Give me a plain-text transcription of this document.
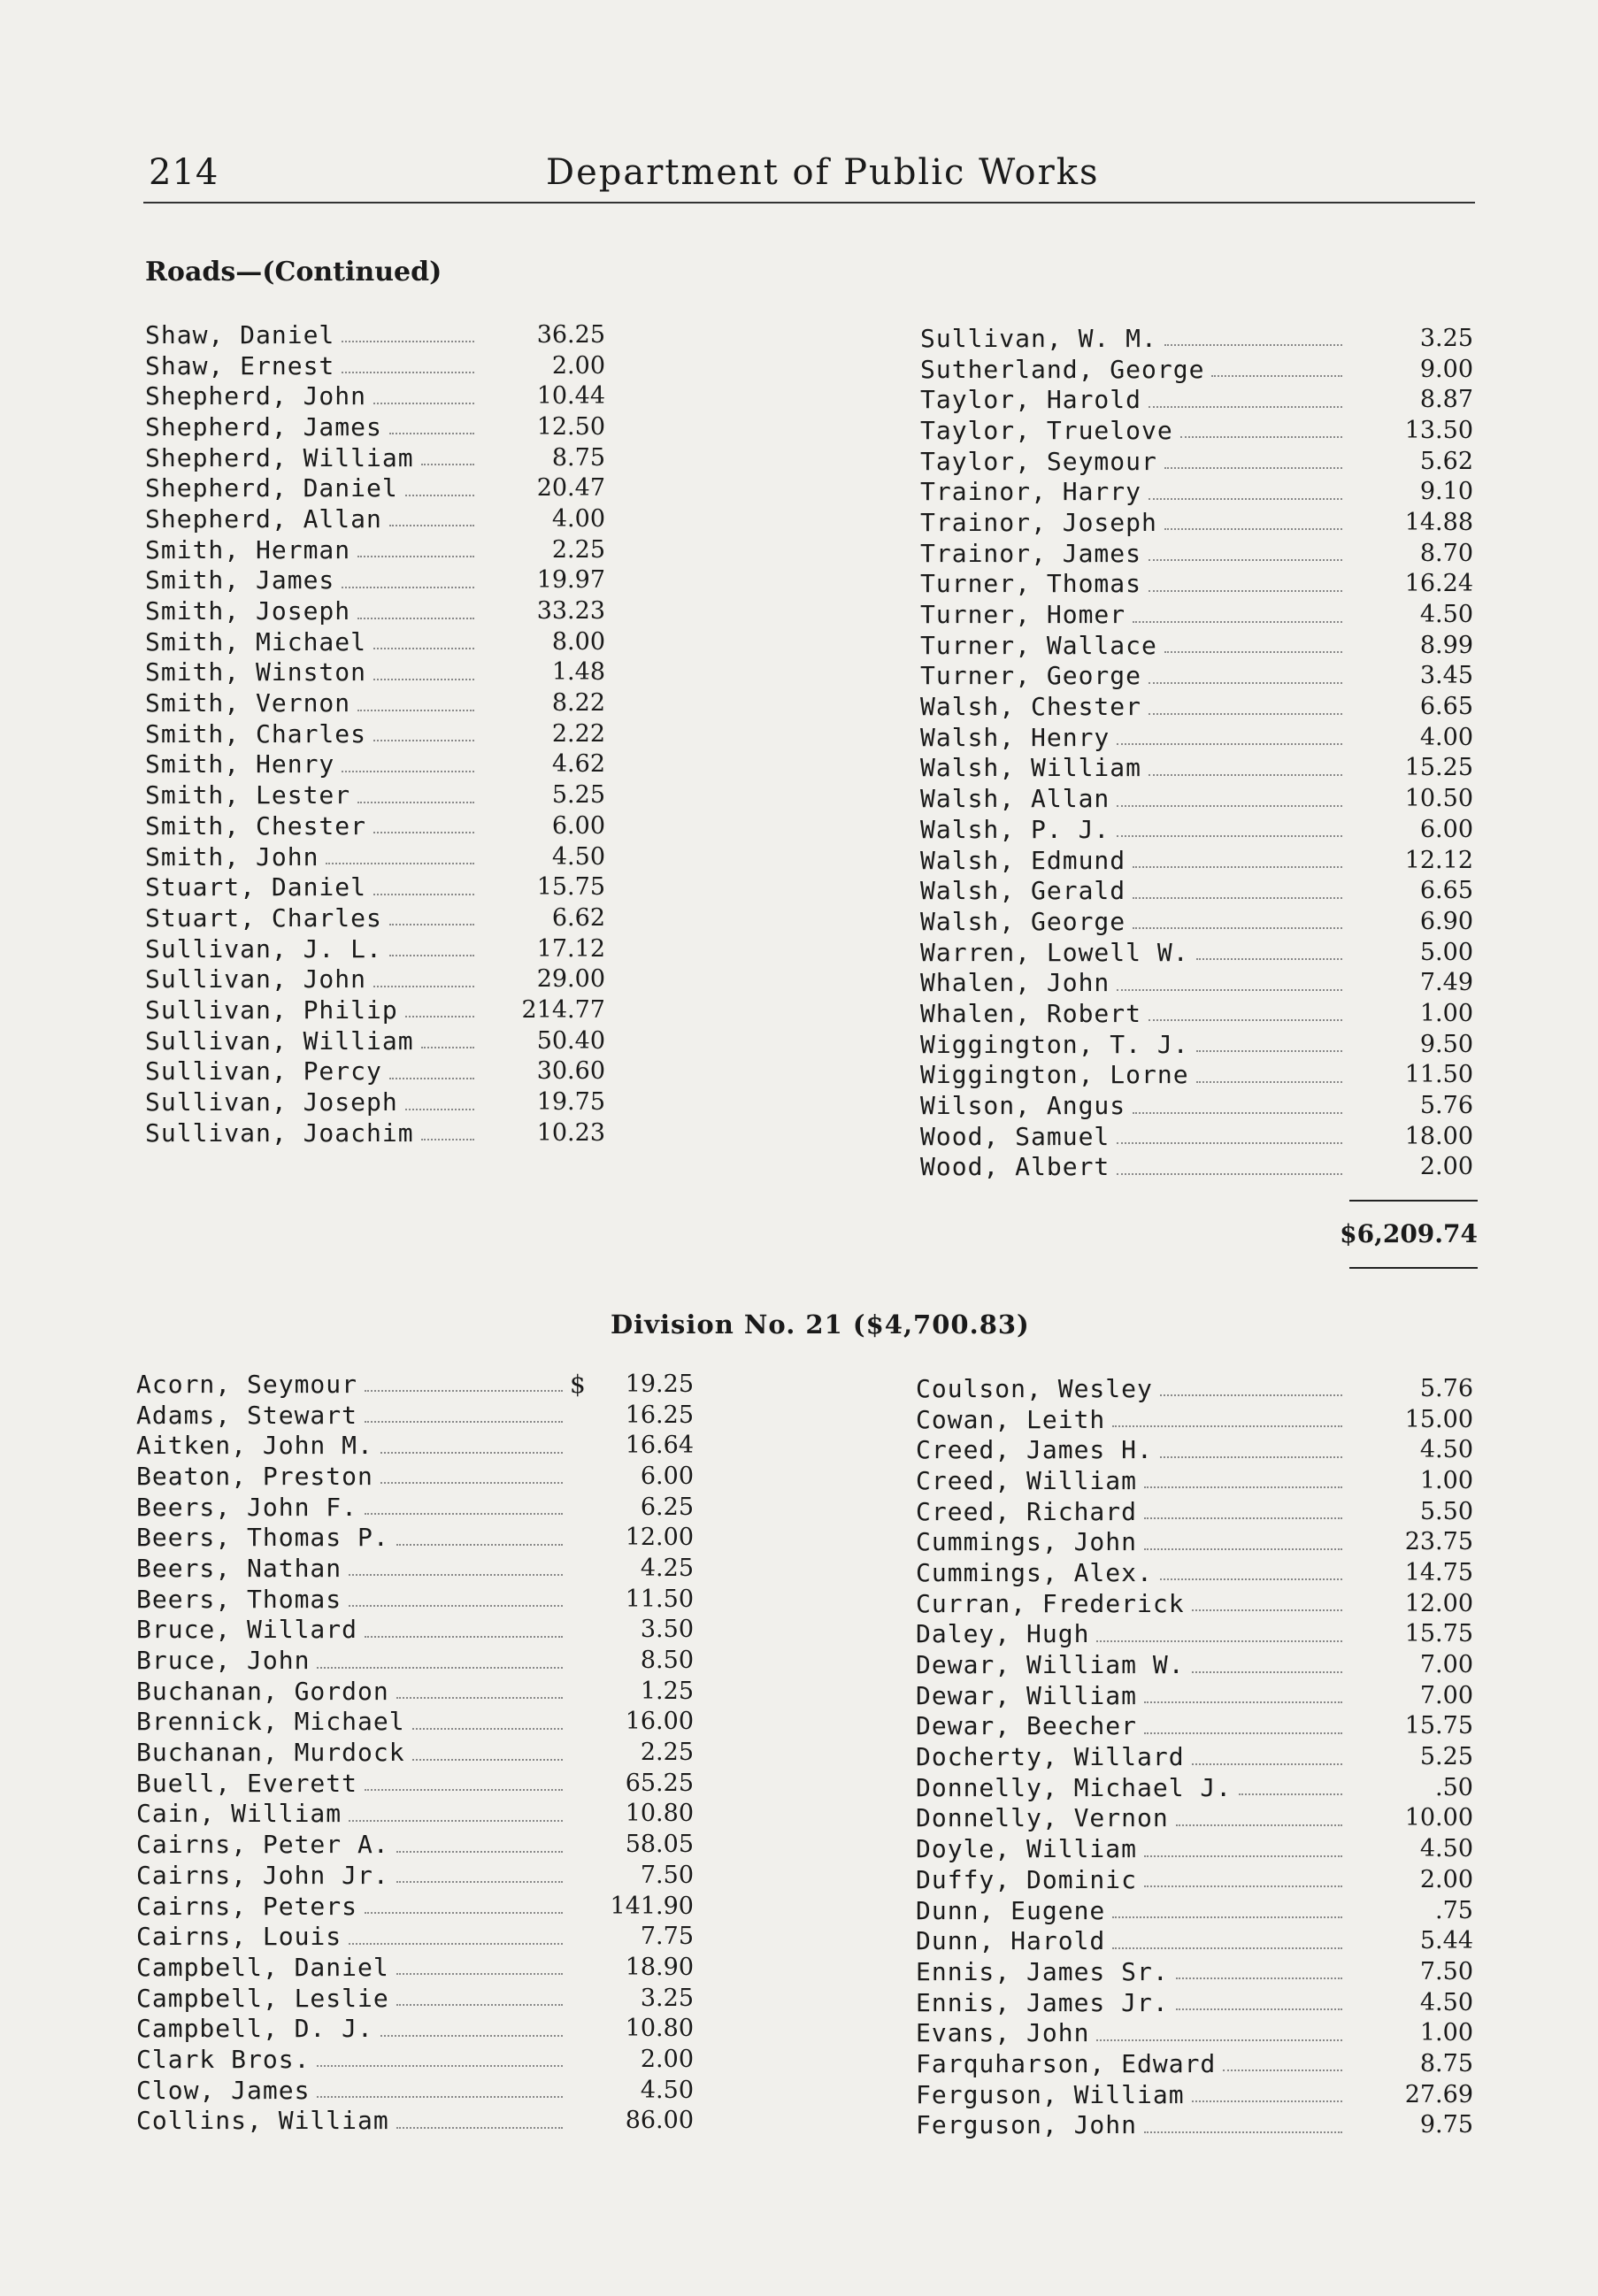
214	Department of Public Works
Roads—(Continued)
Shaw, Daniel	36.25
Shaw, Ernest	2.00
Shepherd, John	10.44
Shepherd, James	12.50
Shepherd, William	8.75
Shepherd, Daniel	20.47
Shepherd, Allan	4.00
Smith, Herman	2.25
Smith, James	19.97
Smith, Joseph	33.23
Smith, Michael	8.00
Smith, Winston	1.48
Smith, Vernon	8.22
Smith, Charles	2.22
Smith, Henry	4.62
Smith, Lester	5.25
Smith, Chester	6.00
Smith, John	4.50
Stuart, Daniel	15.75
Stuart, Charles	6.62
Sullivan, J. L.	17.12
Sullivan, John	29.00
Sullivan, Philip	214.77
Sullivan, William	50.40
Sullivan, Percy	30.60
Sullivan, Joseph	19.75
Sullivan, Joachim	10.23
Sullivan, W. M.	3.25
Sutherland, George	9.00
Taylor, Harold	8.87
Taylor, Truelove	13.50
Taylor, Seymour	5.62
Trainor, Harry	9.10
Trainor, Joseph	14.88
Trainor, James	8.70
Turner, Thomas	16.24
Turner, Homer	4.50
Turner, Wallace	8.99
Turner, George	3.45
Walsh, Chester	6.65
Walsh, Henry	4.00
Walsh, William	15.25
Walsh, Allan	10.50
Walsh, P. J.	6.00
Walsh, Edmund	12.12
Walsh, Gerald	6.65
Walsh, George	6.90
Warren, Lowell W.	5.00
Whalen, John	7.49
Whalen, Robert	1.00
Wiggington, T. J.	9.50
Wiggington, Lorne	11.50
Wilson, Angus	5.76
Wood, Samuel	18.00
Wood, Albert	2.00
$6,209.74
Division No. 21 ($4,700.83)
Acorn, Seymour	$	19.25
Adams, Stewart	16.25
Aitken, John M.	16.64
Beaton, Preston	6.00
Beers, John F.	6.25
Beers, Thomas P.	12.00
Beers, Nathan	4.25
Beers, Thomas	11.50
Bruce, Willard	3.50
Bruce, John	8.50
Buchanan, Gordon	1.25
Brennick, Michael	16.00
Buchanan, Murdock	2.25
Buell, Everett	65.25
Cain, William	10.80
Cairns, Peter A.	58.05
Cairns, John Jr.	7.50
Cairns, Peters	141.90
Cairns, Louis	7.75
Campbell, Daniel	18.90
Campbell, Leslie	3.25
Campbell, D. J.	10.80
Clark Bros.	2.00
Clow, James	4.50
Collins, William	86.00
Coulson, Wesley	5.76
Cowan, Leith	15.00
Creed, James H.	4.50
Creed, William	1.00
Creed, Richard	5.50
Cummings, John	23.75
Cummings, Alex.	14.75
Curran, Frederick	12.00
Daley, Hugh	15.75
Dewar, William W.	7.00
Dewar, William	7.00
Dewar, Beecher	15.75
Docherty, Willard	5.25
Donnelly, Michael J.	.50
Donnelly, Vernon	10.00
Doyle, William	4.50
Duffy, Dominic	2.00
Dunn, Eugene	.75
Dunn, Harold	5.44
Ennis, James Sr.	7.50
Ennis, James Jr.	4.50
Evans, John	1.00
Farquharson, Edward	8.75
Ferguson, William	27.69
Ferguson, John	9.75
